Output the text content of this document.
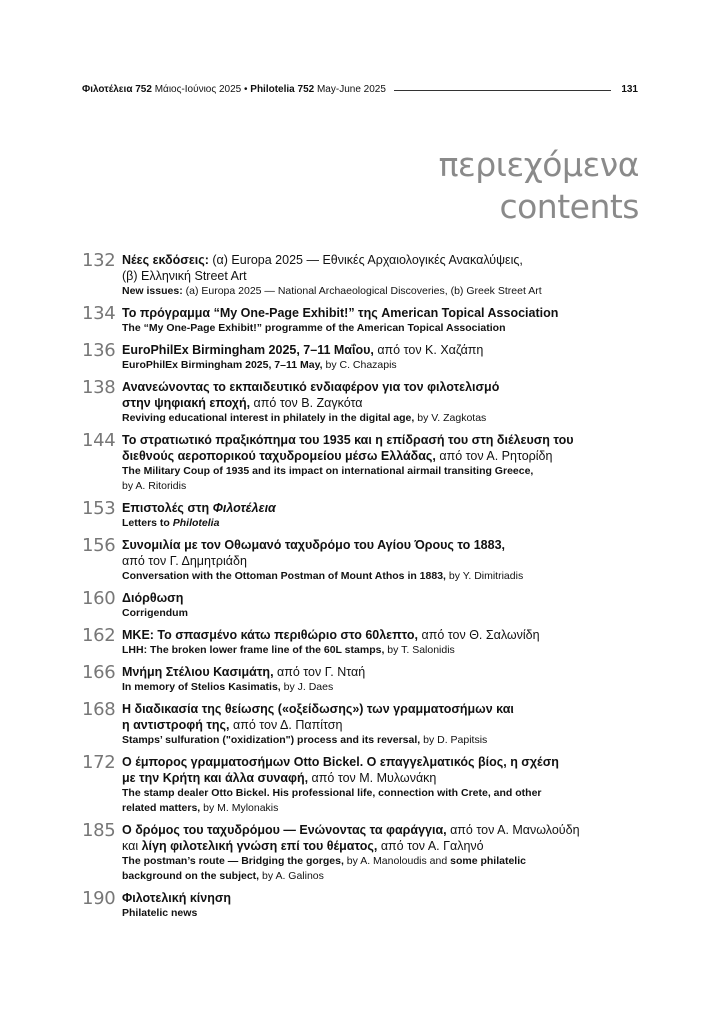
Φιλοτέλεια 752 Μάιος-Ιούνιος 2025 • Philotelia 752 May-June 2025	131
περιεχόμενα
contents
132 Νέες εκδόσεις: (α) Europa 2025 — Εθνικές Αρχαιολογικές Ανακαλύψεις,
(β) Ελληνική Street Art
New issues: (a) Europa 2025 — National Archaeological Discoveries, (b) Greek Street Art
134 Το πρόγραμμα “My One-Page Exhibit!” της American Topical Association
The “My One-Page Exhibit!” programme of the American Topical Association
136 EuroPhilEx Birmingham 2025, 7–11 Μαΐου, από τον Κ. Χαζάπη
EuroPhilEx Birmingham 2025, 7–11 May, by C. Chazapis
138 Ανανεώνοντας το εκπαιδευτικό ενδιαφέρον για τον φιλοτελισμό
στην ψηφιακή εποχή, από τον Β. Ζαγκότα
Reviving educational interest in philately in the digital age, by V. Zagkotas
144 Το στρατιωτικό πραξικόπημα του 1935 και η επίδρασή του στη διέλευση του
διεθνούς αεροπορικού ταχυδρομείου μέσω Ελλάδας, από τον Α. Ρητορίδη
The Military Coup of 1935 and its impact on international airmail transiting Greece,
by A. Ritoridis
153 Επιστολές στη Φιλοτέλεια
Letters to Philotelia
156 Συνομιλία με τον Οθωμανό ταχυδρόμο του Αγίου Όρους το 1883,
από τον Γ. Δημητριάδη
Conversation with the Ottoman Postman of Mount Athos in 1883, by Y. Dimitriadis
160 Διόρθωση
Corrigendum
162 ΜΚΕ: Το σπασμένο κάτω περιθώριο στο 60λεπτο, από τον Θ. Σαλωνίδη
LHH: The broken lower frame line of the 60L stamps, by T. Salonidis
166 Μνήμη Στέλιου Κασιμάτη, από τον Γ. Νταή
In memory of Stelios Kasimatis, by J. Daes
168 Η διαδικασία της θείωσης («οξείδωσης») των γραμματοσήμων και
η αντιστροφή της, από τον Δ. Παπίτση
Stamps’ sulfuration ("oxidization") process and its reversal, by D. Papitsis
172 Ο έμπορος γραμματοσήμων Otto Bickel. Ο επαγγελματικός βίος, η σχέση
με την Κρήτη και άλλα συναφή, από τον Μ. Μυλωνάκη
The stamp dealer Otto Bickel. His professional life, connection with Crete, and other
related matters, by M. Mylonakis
185 Ο δρόμος του ταχυδρόμου — Ενώνοντας τα φαράγγια, από τον Α. Μανωλούδη
και λίγη φιλοτελική γνώση επί του θέματος, από τον Α. Γαληνό
The postman’s route — Bridging the gorges, by A. Manoloudis and some philatelic
background on the subject, by A. Galinos
190 Φιλοτελική κίνηση
Philatelic news
